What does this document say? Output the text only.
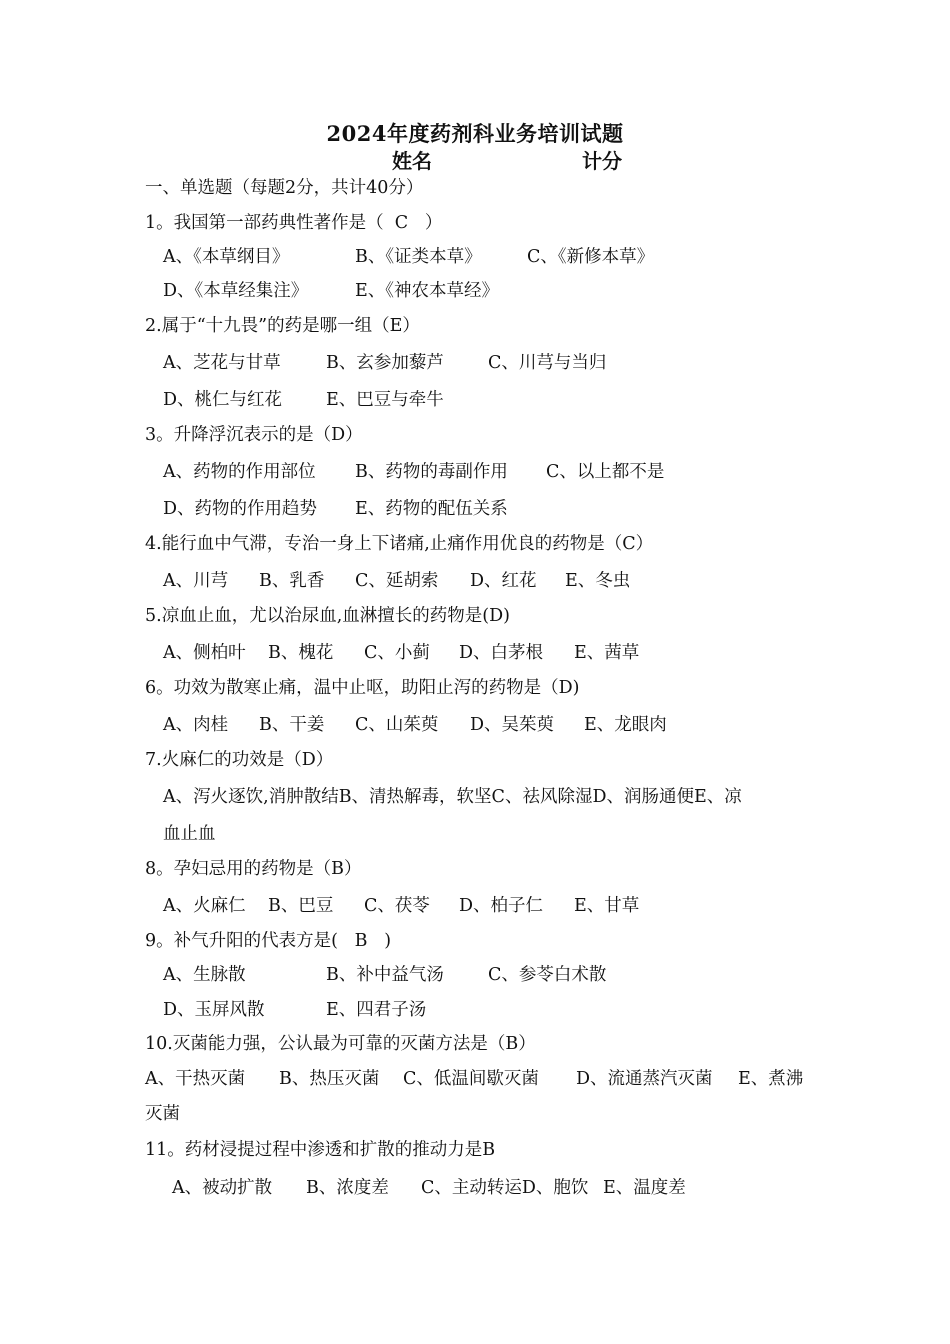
2024年度药剂科业务培训试题
姓名	计分
一、单选题（每题2分，共计40分）
1。我国第一部药典性著作是（  C   ）
A、《本草纲目》	B、《证类本草》	C、《新修本草》
D、《本草经集注》	E、《神农本草经》
2.属于“十九畏”的药是哪一组（E）
A、芝花与甘草	B、玄参加藜芦	C、川芎与当归
D、桃仁与红花	E、巴豆与牵牛
3。升降浮沉表示的是（D）
A、药物的作用部位 B、药物的毒副作用 C、以上都不是
D、药物的作用趋势 E、药物的配伍关系
4.能行血中气滞，专治一身上下诸痛,止痛作用优良的药物是（C）
A、川芎 B、乳香 C、延胡索 D、红花 E、冬虫
5.凉血止血，尤以治尿血,血淋擅长的药物是(D)
A、侧柏叶 B、槐花 C、小蓟 D、白茅根 E、茜草
6。功效为散寒止痛，温中止呕，助阳止泻的药物是（D)
A、肉桂 B、干姜 C、山茱萸 D、吴茱萸 E、龙眼肉
7.火麻仁的功效是（D）
A、泻火逐饮,消肿散结B、清热解毒，软坚C、祛风除湿D、润肠通便E、凉
血止血
8。孕妇忌用的药物是（B）
A、火麻仁 B、巴豆 C、茯苓 D、柏子仁 E、甘草
9。补气升阳的代表方是(   B   )
A、生脉散	B、补中益气汤	C、参苓白术散
D、玉屏风散	E、四君子汤
10.灭菌能力强，公认最为可靠的灭菌方法是（B）
A、干热灭菌 B、热压灭菌 C、低温间歇灭菌 D、流通蒸汽灭菌 E、煮沸
灭菌
11。药材浸提过程中渗透和扩散的推动力是B
A、被动扩散 B、浓度差 C、主动转运D、胞饮 E、温度差
